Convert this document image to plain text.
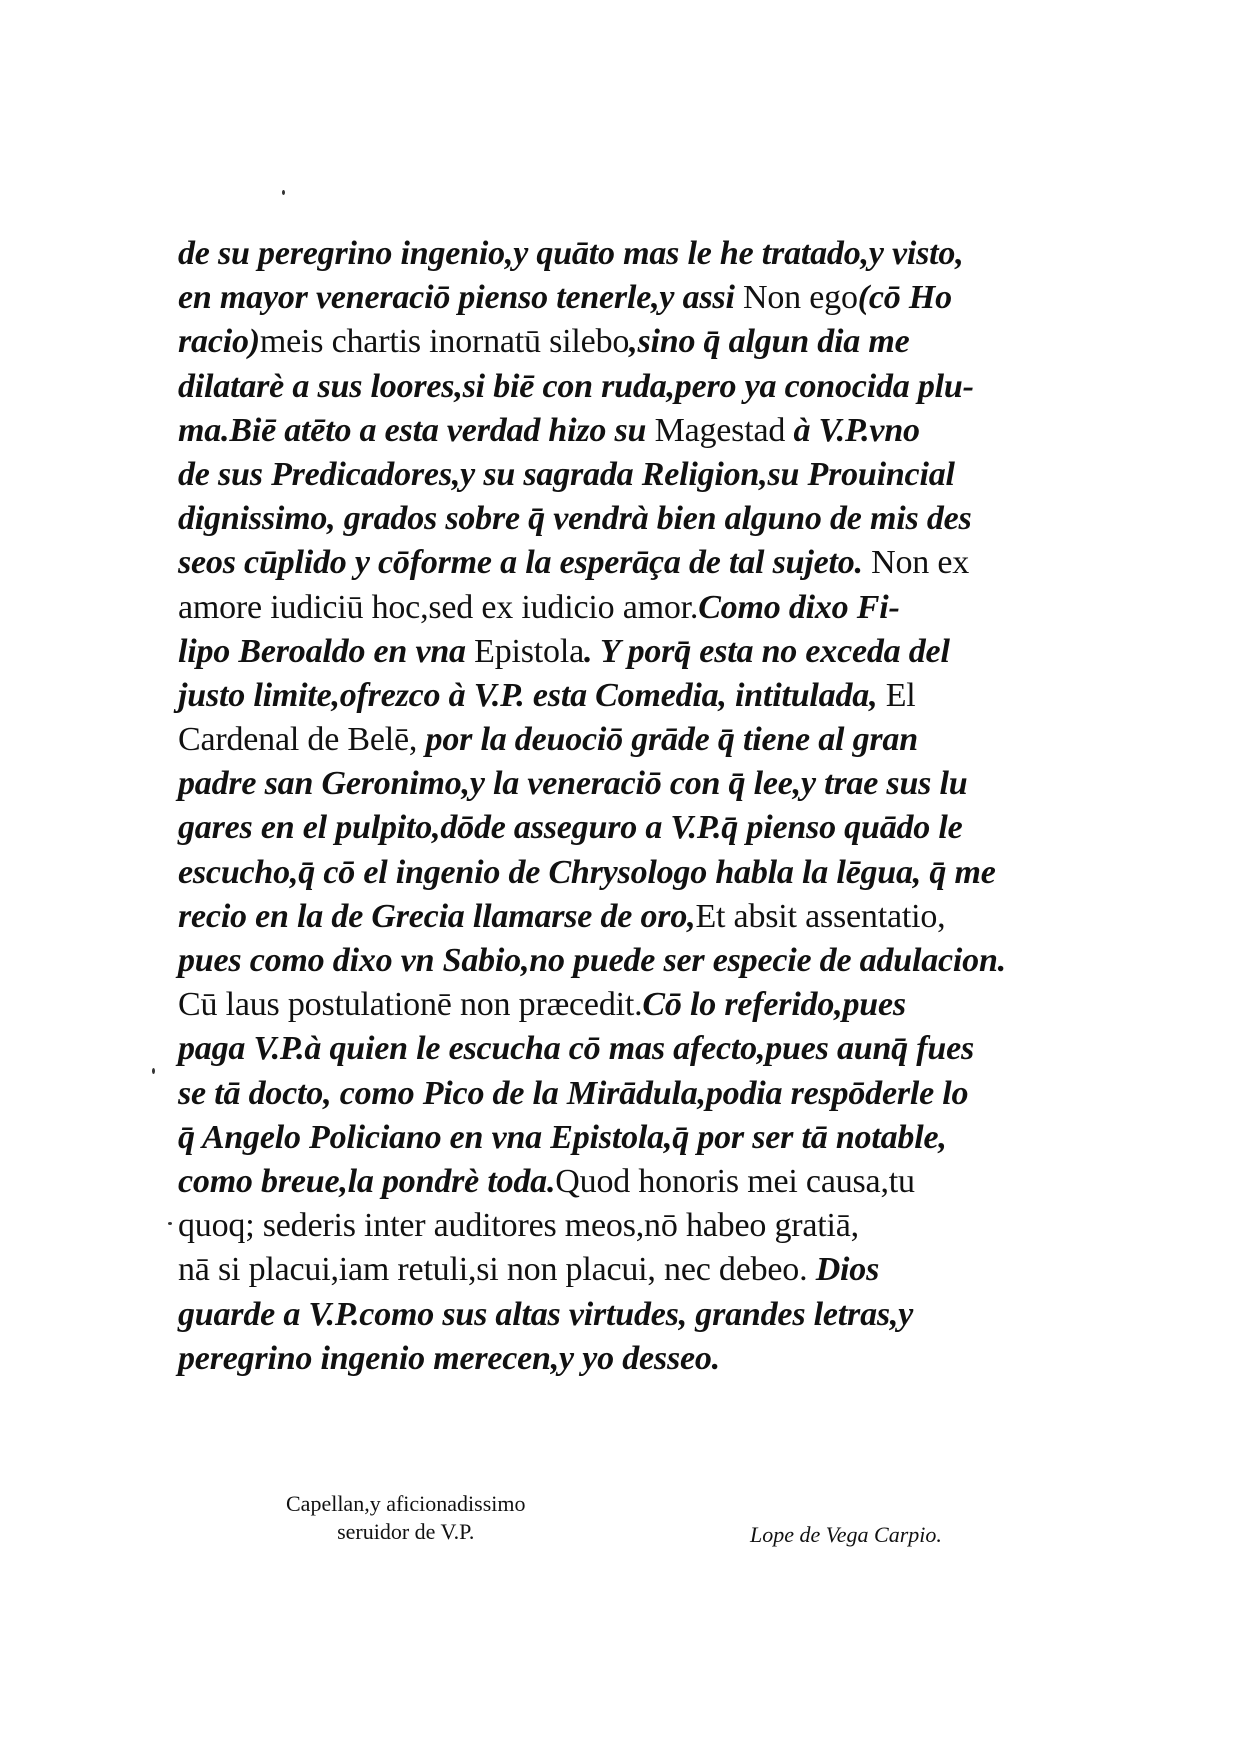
de su peregrino ingenio,y quāto mas le he tratado,y visto,
en mayor veneraciō pienso tenerle,y assi Non ego(cō Ho
racio)meis chartis inornatū silebo,sino q̄ algun dia me
dilatarè a sus loores,si biē con ruda,pero ya conocida plu-
ma.Biē atēto a esta verdad hizo su Magestad à V.P.vno
de sus Predicadores,y su sagrada Religion,su Prouincial
dignissimo, grados sobre q̄ vendrà bien alguno de mis des
seos cūplido y cōforme a la esperāça de tal sujeto. Non ex
amore iudiciū hoc,sed ex iudicio amor.Como dixo Fi-
lipo Beroaldo en vna Epistola. Y porq̄ esta no exceda del
justo limite,ofrezco à V.P. esta Comedia, intitulada, El
Cardenal de Belē, por la deuociō grāde q̄ tiene al gran
padre san Geronimo,y la veneraciō con q̄ lee,y trae sus lu
gares en el pulpito,dōde asseguro a V.P.q̄ pienso quādo le
escucho,q̄ cō el ingenio de Chrysologo habla la lēgua, q̄ me
recio en la de Grecia llamarse de oro,Et absit assentatio,
pues como dixo vn Sabio,no puede ser especie de adulacion.
Cū laus postulationē non præcedit.Cō lo referido,pues
paga V.P.à quien le escucha cō mas afecto,pues aunq̄ fues
se tā docto, como Pico de la Mirādula,podia respōderle lo
q̄ Angelo Policiano en vna Epistola,q̄ por ser tā notable,
como breue,la pondrè toda.Quod honoris mei causa,tu
quoq; sederis inter auditores meos,nō habeo gratiā,
nā si placui,iam retuli,si non placui, nec debeo. Dios
guarde a V.P.como sus altas virtudes, grandes letras,y
peregrino ingenio merecen,y yo desseo.
Capellan,y aficionadissimo
seruidor de V.P.	Lope de Vega Carpio.
